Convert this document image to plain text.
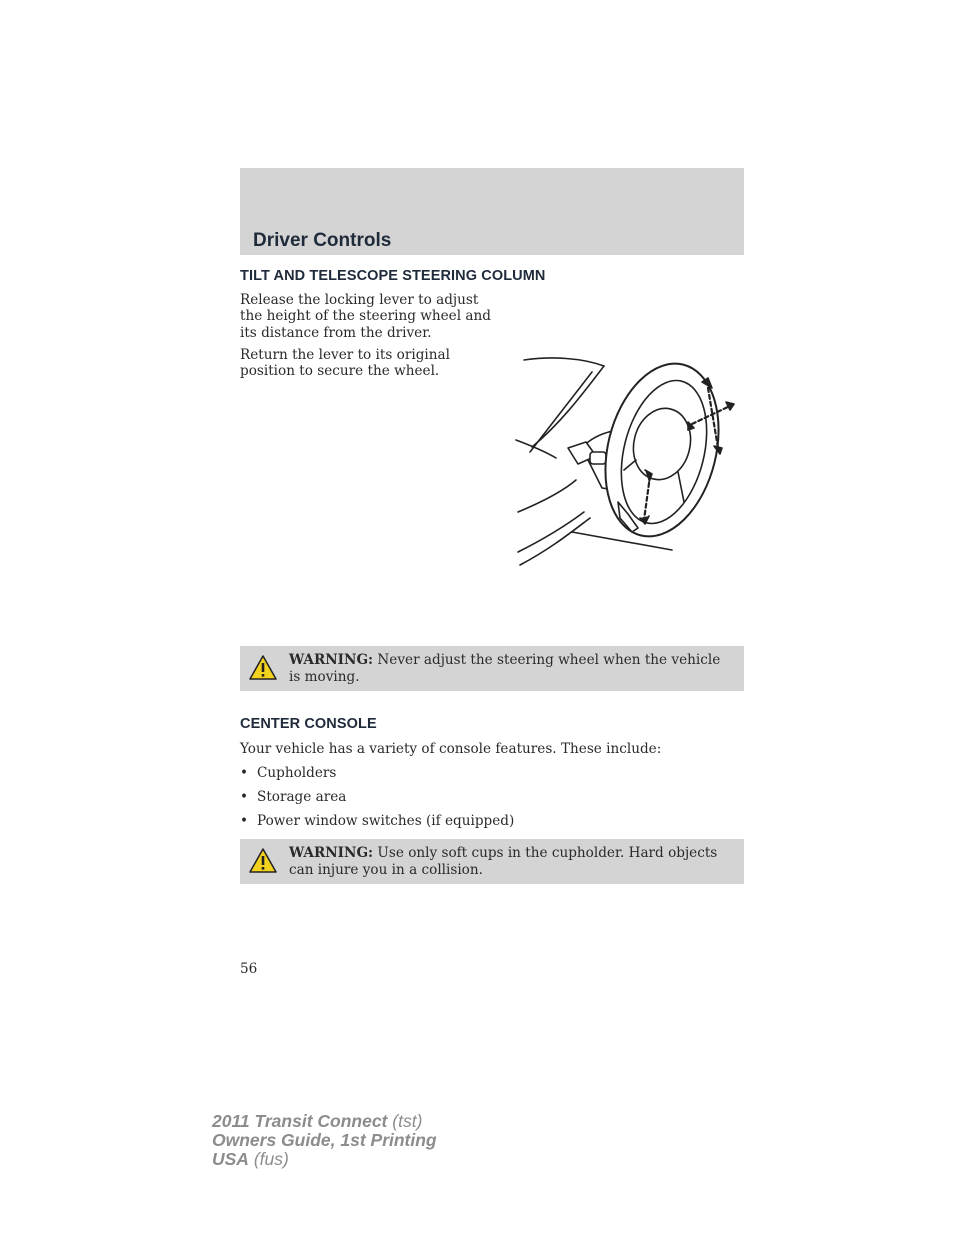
Driver Controls
TILT AND TELESCOPE STEERING COLUMN

Release the locking lever to adjust the height of the steering wheel and its distance from the driver.

Return the lever to its original position to secure the wheel.

WARNING: Never adjust the steering wheel when the vehicle is moving.
CENTER CONSOLE

Your vehicle has a variety of console features. These include:

• Cupholders
• Storage area
• Power window switches (if equipped)
WARNING: Use only soft cups in the cupholder. Hard objects can injure you in a collision.

56

2011 Transit Connect (tst)
Owners Guide, 1st Printing
USA (fus)
